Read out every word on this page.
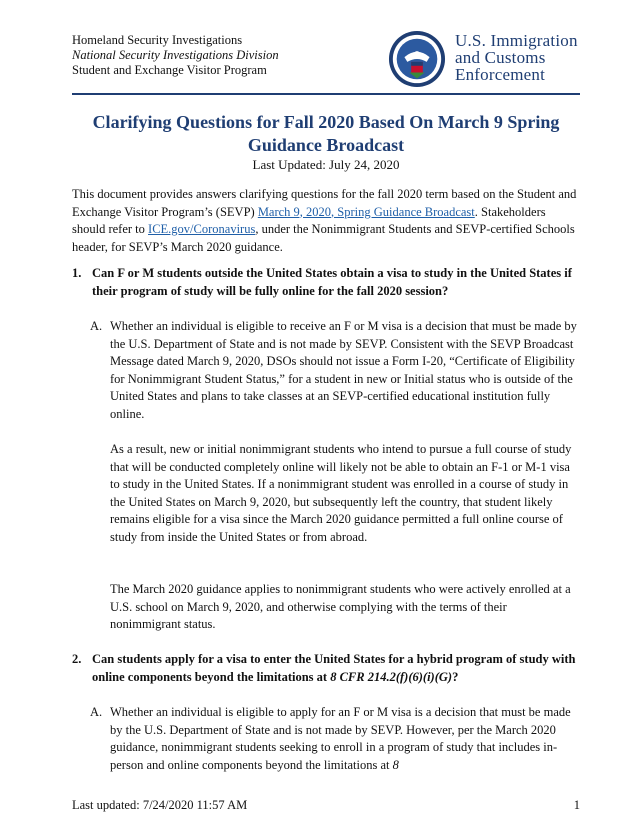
Homeland Security Investigations
National Security Investigations Division
Student and Exchange Visitor Program
U.S. Immigration
and Customs
Enforcement
Clarifying Questions for Fall 2020 Based On March 9 Spring
Guidance Broadcast
Last Updated: July 24, 2020
This document provides answers clarifying questions for the fall 2020 term based on the Student and Exchange Visitor Program’s (SEVP) March 9, 2020, Spring Guidance Broadcast. Stakeholders should refer to ICE.gov/Coronavirus, under the Nonimmigrant Students and SEVP-certified Schools header, for SEVP’s March 2020 guidance.
1. Can F or M students outside the United States obtain a visa to study in the United States if their program of study will be fully online for the fall 2020 session?
A. Whether an individual is eligible to receive an F or M visa is a decision that must be made by the U.S. Department of State and is not made by SEVP. Consistent with the SEVP Broadcast Message dated March 9, 2020, DSOs should not issue a Form I-20, “Certificate of Eligibility for Nonimmigrant Student Status,” for a student in new or Initial status who is outside of the United States and plans to take classes at an SEVP-certified educational institution fully online.
As a result, new or initial nonimmigrant students who intend to pursue a full course of study that will be conducted completely online will likely not be able to obtain an F-1 or M-1 visa to study in the United States. If a nonimmigrant student was enrolled in a course of study in the United States on March 9, 2020, but subsequently left the country, that student likely remains eligible for a visa since the March 2020 guidance permitted a full online course of study from inside the United States or from abroad.
The March 2020 guidance applies to nonimmigrant students who were actively enrolled at a U.S. school on March 9, 2020, and otherwise complying with the terms of their nonimmigrant status.
2. Can students apply for a visa to enter the United States for a hybrid program of study with online components beyond the limitations at 8 CFR 214.2(f)(6)(i)(G)?
A. Whether an individual is eligible to apply for an F or M visa is a decision that must be made by the U.S. Department of State and is not made by SEVP. However, per the March 2020 guidance, nonimmigrant students seeking to enroll in a program of study that includes in-person and online components beyond the limitations at 8
Last updated: 7/24/2020 11:57 AM	1
